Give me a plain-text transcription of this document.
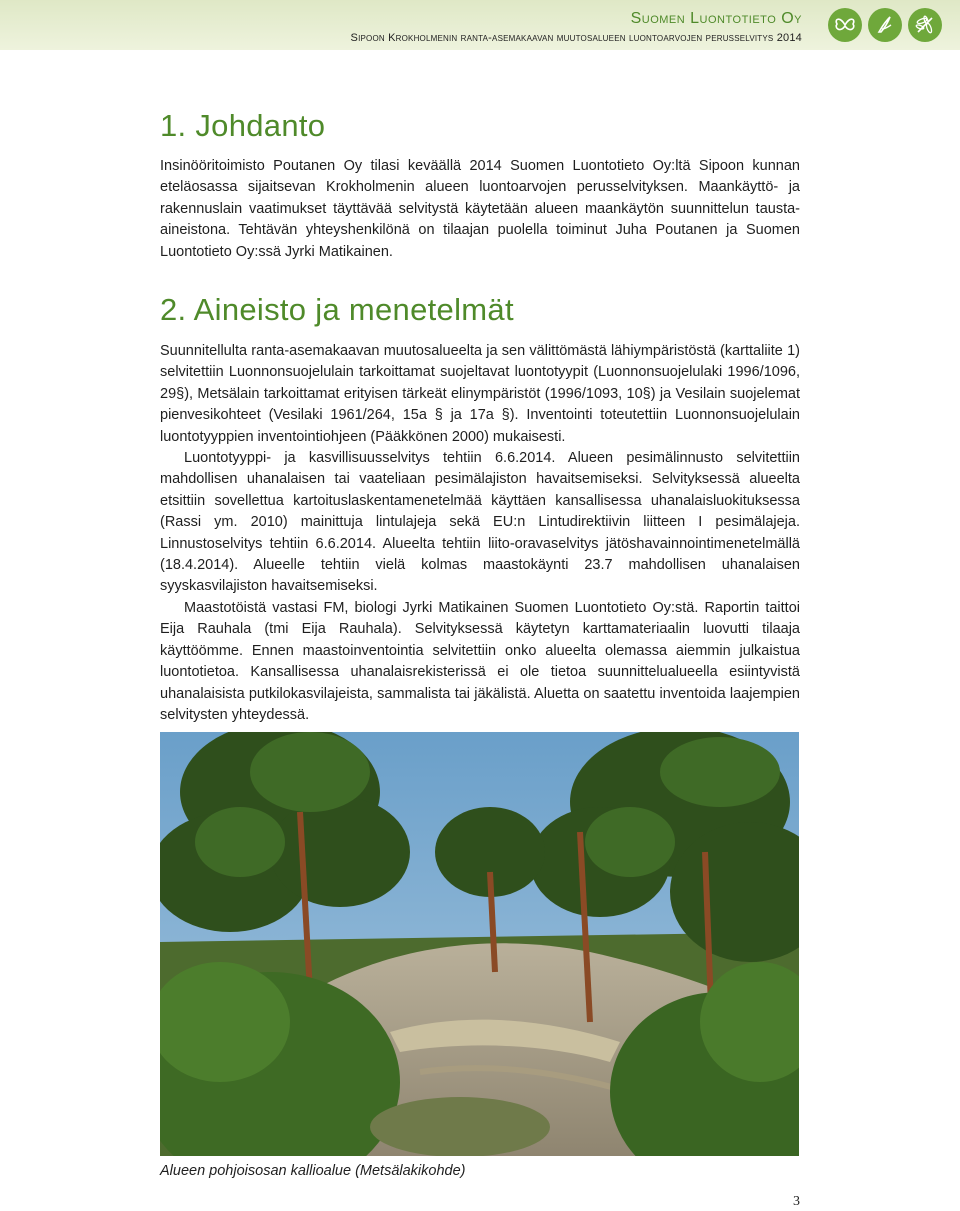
Suomen Luontotieto Oy
Sipoon Krokholmenin ranta-asemakaavan muutosalueen luontoarvojen perusselvitys 2014
1. Johdanto

Insinööritoimisto Poutanen Oy tilasi keväällä 2014 Suomen Luontotieto Oy:ltä Sipoon kunnan eteläosassa sijaitsevan Krokholmenin alueen luontoarvojen perusselvityksen. Maankäyttö- ja rakennuslain vaatimukset täyttävää selvitystä käytetään alueen maankäytön suunnittelun tausta-aineistona. Tehtävän yhteyshenkilönä on tilaajan puolella toiminut Juha Poutanen ja Suomen Luontotieto Oy:ssä Jyrki Matikainen.

2. Aineisto ja menetelmät

Suunnitellulta ranta-asemakaavan muutosalueelta ja sen välittömästä lähiympäristöstä (karttaliite 1) selvitettiin Luonnonsuojelulain tarkoittamat suojeltavat luontotyypit (Luonnonsuojelulaki 1996/1096, 29§), Metsälain tarkoittamat erityisen tärkeät elinympäristöt (1996/1093, 10§) ja Vesilain suojelemat pienvesikohteet (Vesilaki 1961/264, 15a § ja 17a §). Inventointi toteutettiin Luonnonsuojelulain luontotyyppien inventointiohjeen (Pääkkönen 2000) mukaisesti.

Luontotyyppi- ja kasvillisuusselvitys tehtiin 6.6.2014. Alueen pesimälinnusto selvitettiin mahdollisen uhanalaisen tai vaateliaan pesimälajiston havaitsemiseksi. Selvityksessä alueelta etsittiin sovellettua kartoituslaskentamenetelmää käyttäen kansallisessa uhanalaisluokituksessa (Rassi ym. 2010) mainittuja lintulajeja sekä EU:n Lintudirektiivin liitteen I pesimälajeja. Linnustoselvitys tehtiin 6.6.2014. Alueelta tehtiin liito-oravaselvitys jätöshavainnointimenetelmällä (18.4.2014). Alueelle tehtiin vielä kolmas maastokäynti 23.7 mahdollisen uhanalaisen syyskasvilajiston havaitsemiseksi.

Maastotöistä vastasi FM, biologi Jyrki Matikainen Suomen Luontotieto Oy:stä. Raportin taittoi Eija Rauhala (tmi Eija Rauhala). Selvityksessä käytetyn karttamateriaalin luovutti tilaaja käyttöömme. Ennen maastoinventointia selvitettiin onko alueelta olemassa aiemmin julkaistua luontotietoa. Kansallisessa uhanalaisrekisterissä ei ole tietoa suunnittelualueella esiintyvistä uhanalaisista putkilokasvilajeista, sammalista tai jäkälistä. Aluetta on saatettu inventoida laajempien selvitysten yhteydessä.

Alueen pohjoisosan kallioalue (Metsälakikohde)
3
